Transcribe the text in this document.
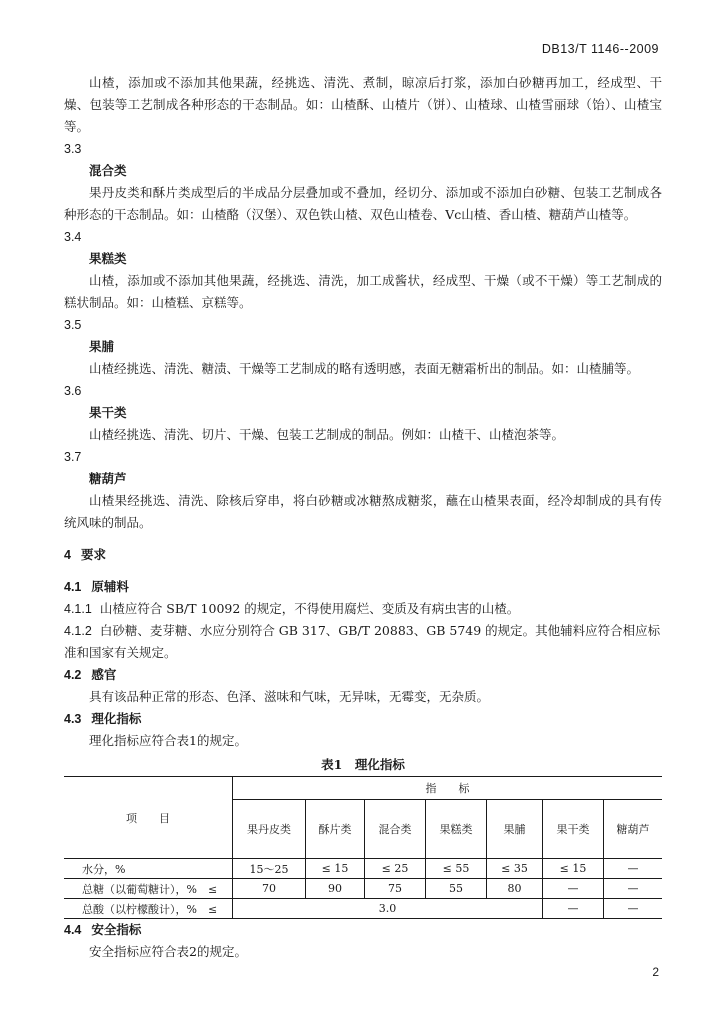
DB13/T 1146--2009

山楂，添加或不添加其他果蔬，经挑选、清洗、煮制，晾凉后打浆，添加白砂糖再加工，经成型、干燥、包装等工艺制成各种形态的干态制品。如：山楂酥、山楂片（饼）、山楂球、山楂雪丽球（饴）、山楂宝等。

3.3
混合类

果丹皮类和酥片类成型后的半成品分层叠加或不叠加，经切分、添加或不添加白砂糖、包装工艺制成各种形态的干态制品。如：山楂酪（汉堡）、双色铁山楂、双色山楂卷、Vc山楂、香山楂、糖葫芦山楂等。

3.4
果糕类

山楂，添加或不添加其他果蔬，经挑选、清洗，加工成酱状，经成型、干燥（或不干燥）等工艺制成的糕状制品。如：山楂糕、京糕等。

3.5
果脯

山楂经挑选、清洗、糖渍、干燥等工艺制成的略有透明感，表面无糖霜析出的制品。如：山楂脯等。

3.6
果干类

山楂经挑选、清洗、切片、干燥、包装工艺制成的制品。例如：山楂干、山楂泡茶等。

3.7
糖葫芦

山楂果经挑选、清洗、除核后穿串，将白砂糖或冰糖熬成糖浆，蘸在山楂果表面，经冷却制成的具有传统风味的制品。

4 要求
4.1 原辅料

4.1.1 山楂应符合 SB/T 10092 的规定，不得使用腐烂、变质及有病虫害的山楂。

4.1.2 白砂糖、麦芽糖、水应分别符合 GB 317、GB/T 20883、GB 5749 的规定。其他辅料应符合相应标准和国家有关规定。

4.2 感官

具有该品种正常的形态、色泽、滋味和气味，无异味，无霉变，无杂质。

4.3 理化指标

理化指标应符合表1的规定。

表1　理化指标
项　　目	指　　标						
	果丹皮类	酥片类	混合类	果糕类	果脯	果干类	糖葫芦
水分，%	15～25	≤ 15	≤ 25	≤ 55	≤ 35	≤ 15	—
总糖（以葡萄糖计），%　≤	70	90	75	55	80	—	—
总酸（以柠檬酸计），%　≤	3.0					—	—
4.4 安全指标

安全指标应符合表2的规定。

2
